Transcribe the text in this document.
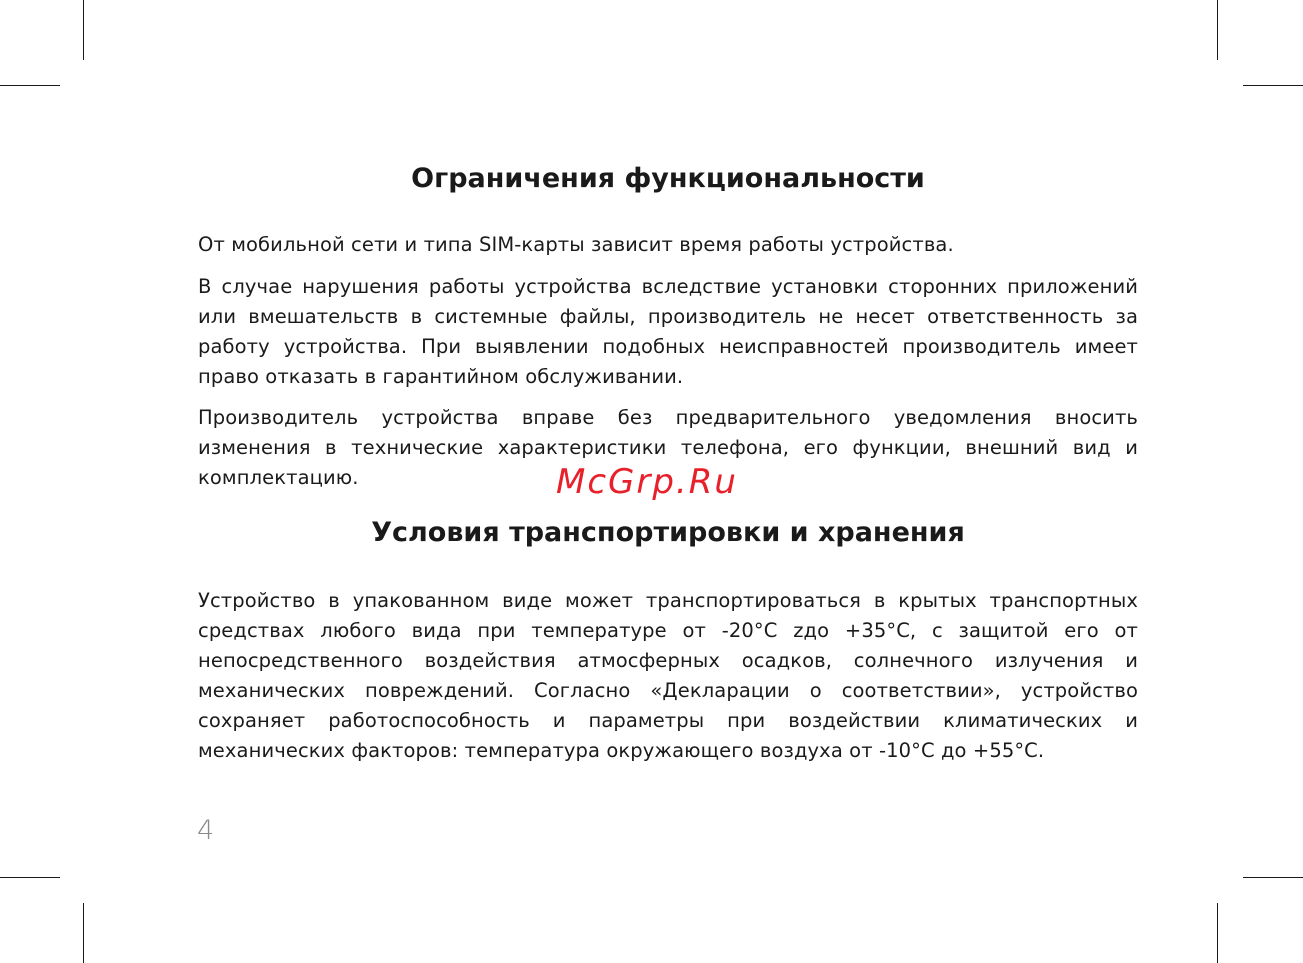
Ограничения функциональности

От мобильной сети и типа SIM-карты зависит время работы устройства.

В случае нарушения работы устройства вследствие установки сторонних приложений или вмешательств в системные файлы, производитель не несет ответственность за работу устройства. При выявлении подобных неисправностей производитель имеет право отказать в гарантийном обслуживании.

Производитель устройства вправе без предварительного уведомления вносить изменения в технические характеристики телефона, его функции, внешний вид и комплектацию.	McGrp.Ru
Условия транспортировки и хранения

Устройство в упакованном виде может транспортироваться в крытых транспортных средствах любого вида при температуре от -20°С zдо +35°С, с защитой его от непосредственного воздействия атмосферных осадков, солнечного излучения и механических повреждений. Согласно «Декларации о соответствии», устройство сохраняет работоспособность и параметры при воздействии климатических и механических факторов: температура окружающего воздуха от -10°С до +55°С.

4
